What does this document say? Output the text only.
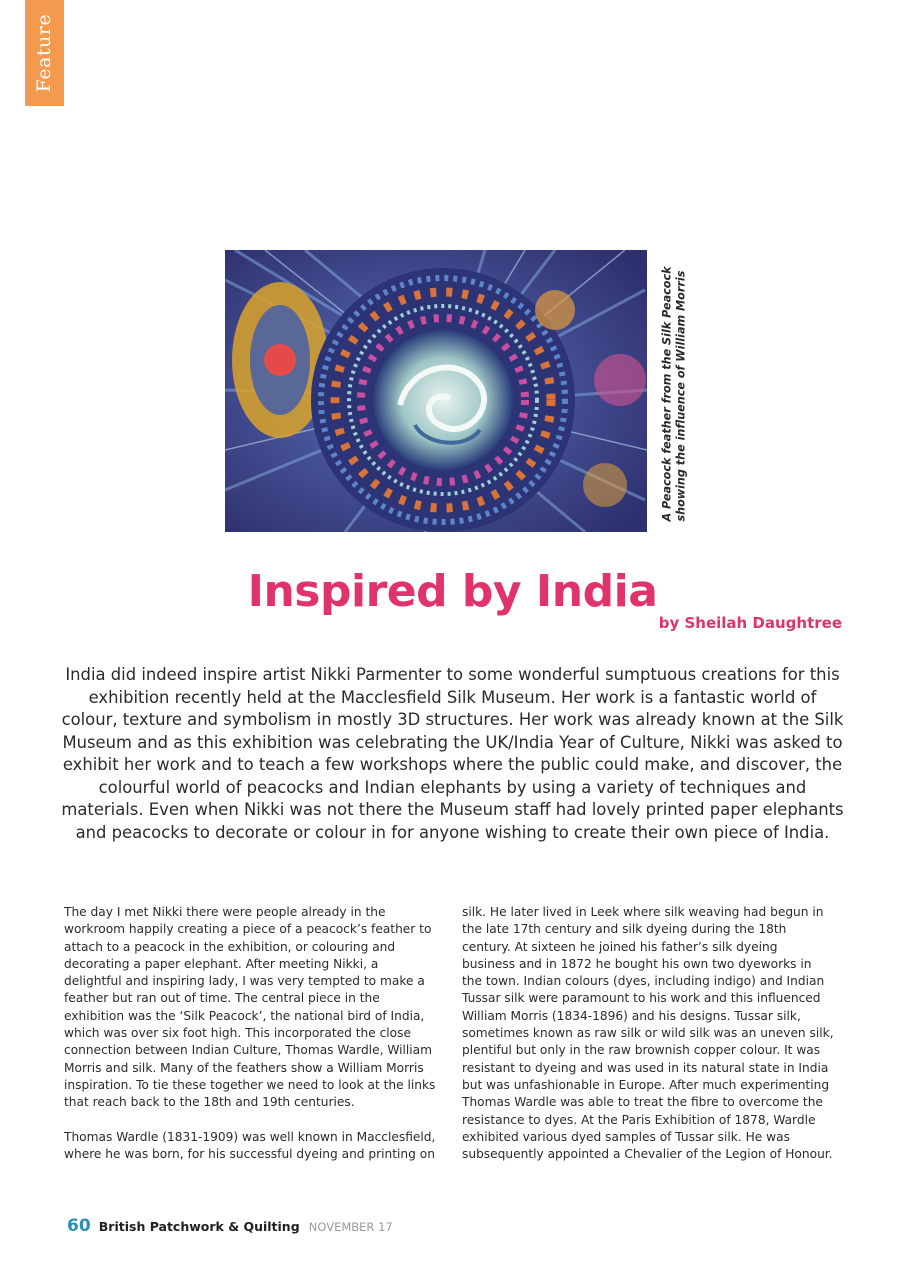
Feature
A Peacock feather from the Silk Peacock showing the influence of William Morris
Inspired by India
by Sheilah Daughtree

India did indeed inspire artist Nikki Parmenter to some wonderful sumptuous creations for this exhibition recently held at the Macclesfield Silk Museum. Her work is a fantastic world of colour, texture and symbolism in mostly 3D structures. Her work was already known at the Silk Museum and as this exhibition was celebrating the UK/India Year of Culture, Nikki was asked to exhibit her work and to teach a few workshops where the public could make, and discover, the colourful world of peacocks and Indian elephants by using a variety of techniques and materials. Even when Nikki was not there the Museum staff had lovely printed paper elephants and peacocks to decorate or colour in for anyone wishing to create their own piece of India.

The day I met Nikki there were people already in the workroom happily creating a piece of a peacock’s feather to attach to a peacock in the exhibition, or colouring and decorating a paper elephant. After meeting Nikki, a delightful and inspiring lady, I was very tempted to make a feather but ran out of time. The central piece in the exhibition was the ‘Silk Peacock’, the national bird of India, which was over six foot high. This incorporated the close connection between Indian Culture, Thomas Wardle, William Morris and silk. Many of the feathers show a William Morris inspiration. To tie these together we need to look at the links that reach back to the 18th and 19th centuries.

Thomas Wardle (1831-1909) was well known in Macclesfield, where he was born, for his successful dyeing and printing on

silk. He later lived in Leek where silk weaving had begun in the late 17th century and silk dyeing during the 18th century. At sixteen he joined his father’s silk dyeing business and in 1872 he bought his own two dyeworks in the town. Indian colours (dyes, including indigo) and Indian Tussar silk were paramount to his work and this influenced William Morris (1834-1896) and his designs. Tussar silk, sometimes known as raw silk or wild silk was an uneven silk, plentiful but only in the raw brownish copper colour. It was resistant to dyeing and was used in its natural state in India but was unfashionable in Europe. After much experimenting Thomas Wardle was able to treat the fibre to overcome the resistance to dyes. At the Paris Exhibition of 1878, Wardle exhibited various dyed samples of Tussar silk. He was subsequently appointed a Chevalier of the Legion of Honour.

60 British Patchwork & Quilting NOVEMBER 17
